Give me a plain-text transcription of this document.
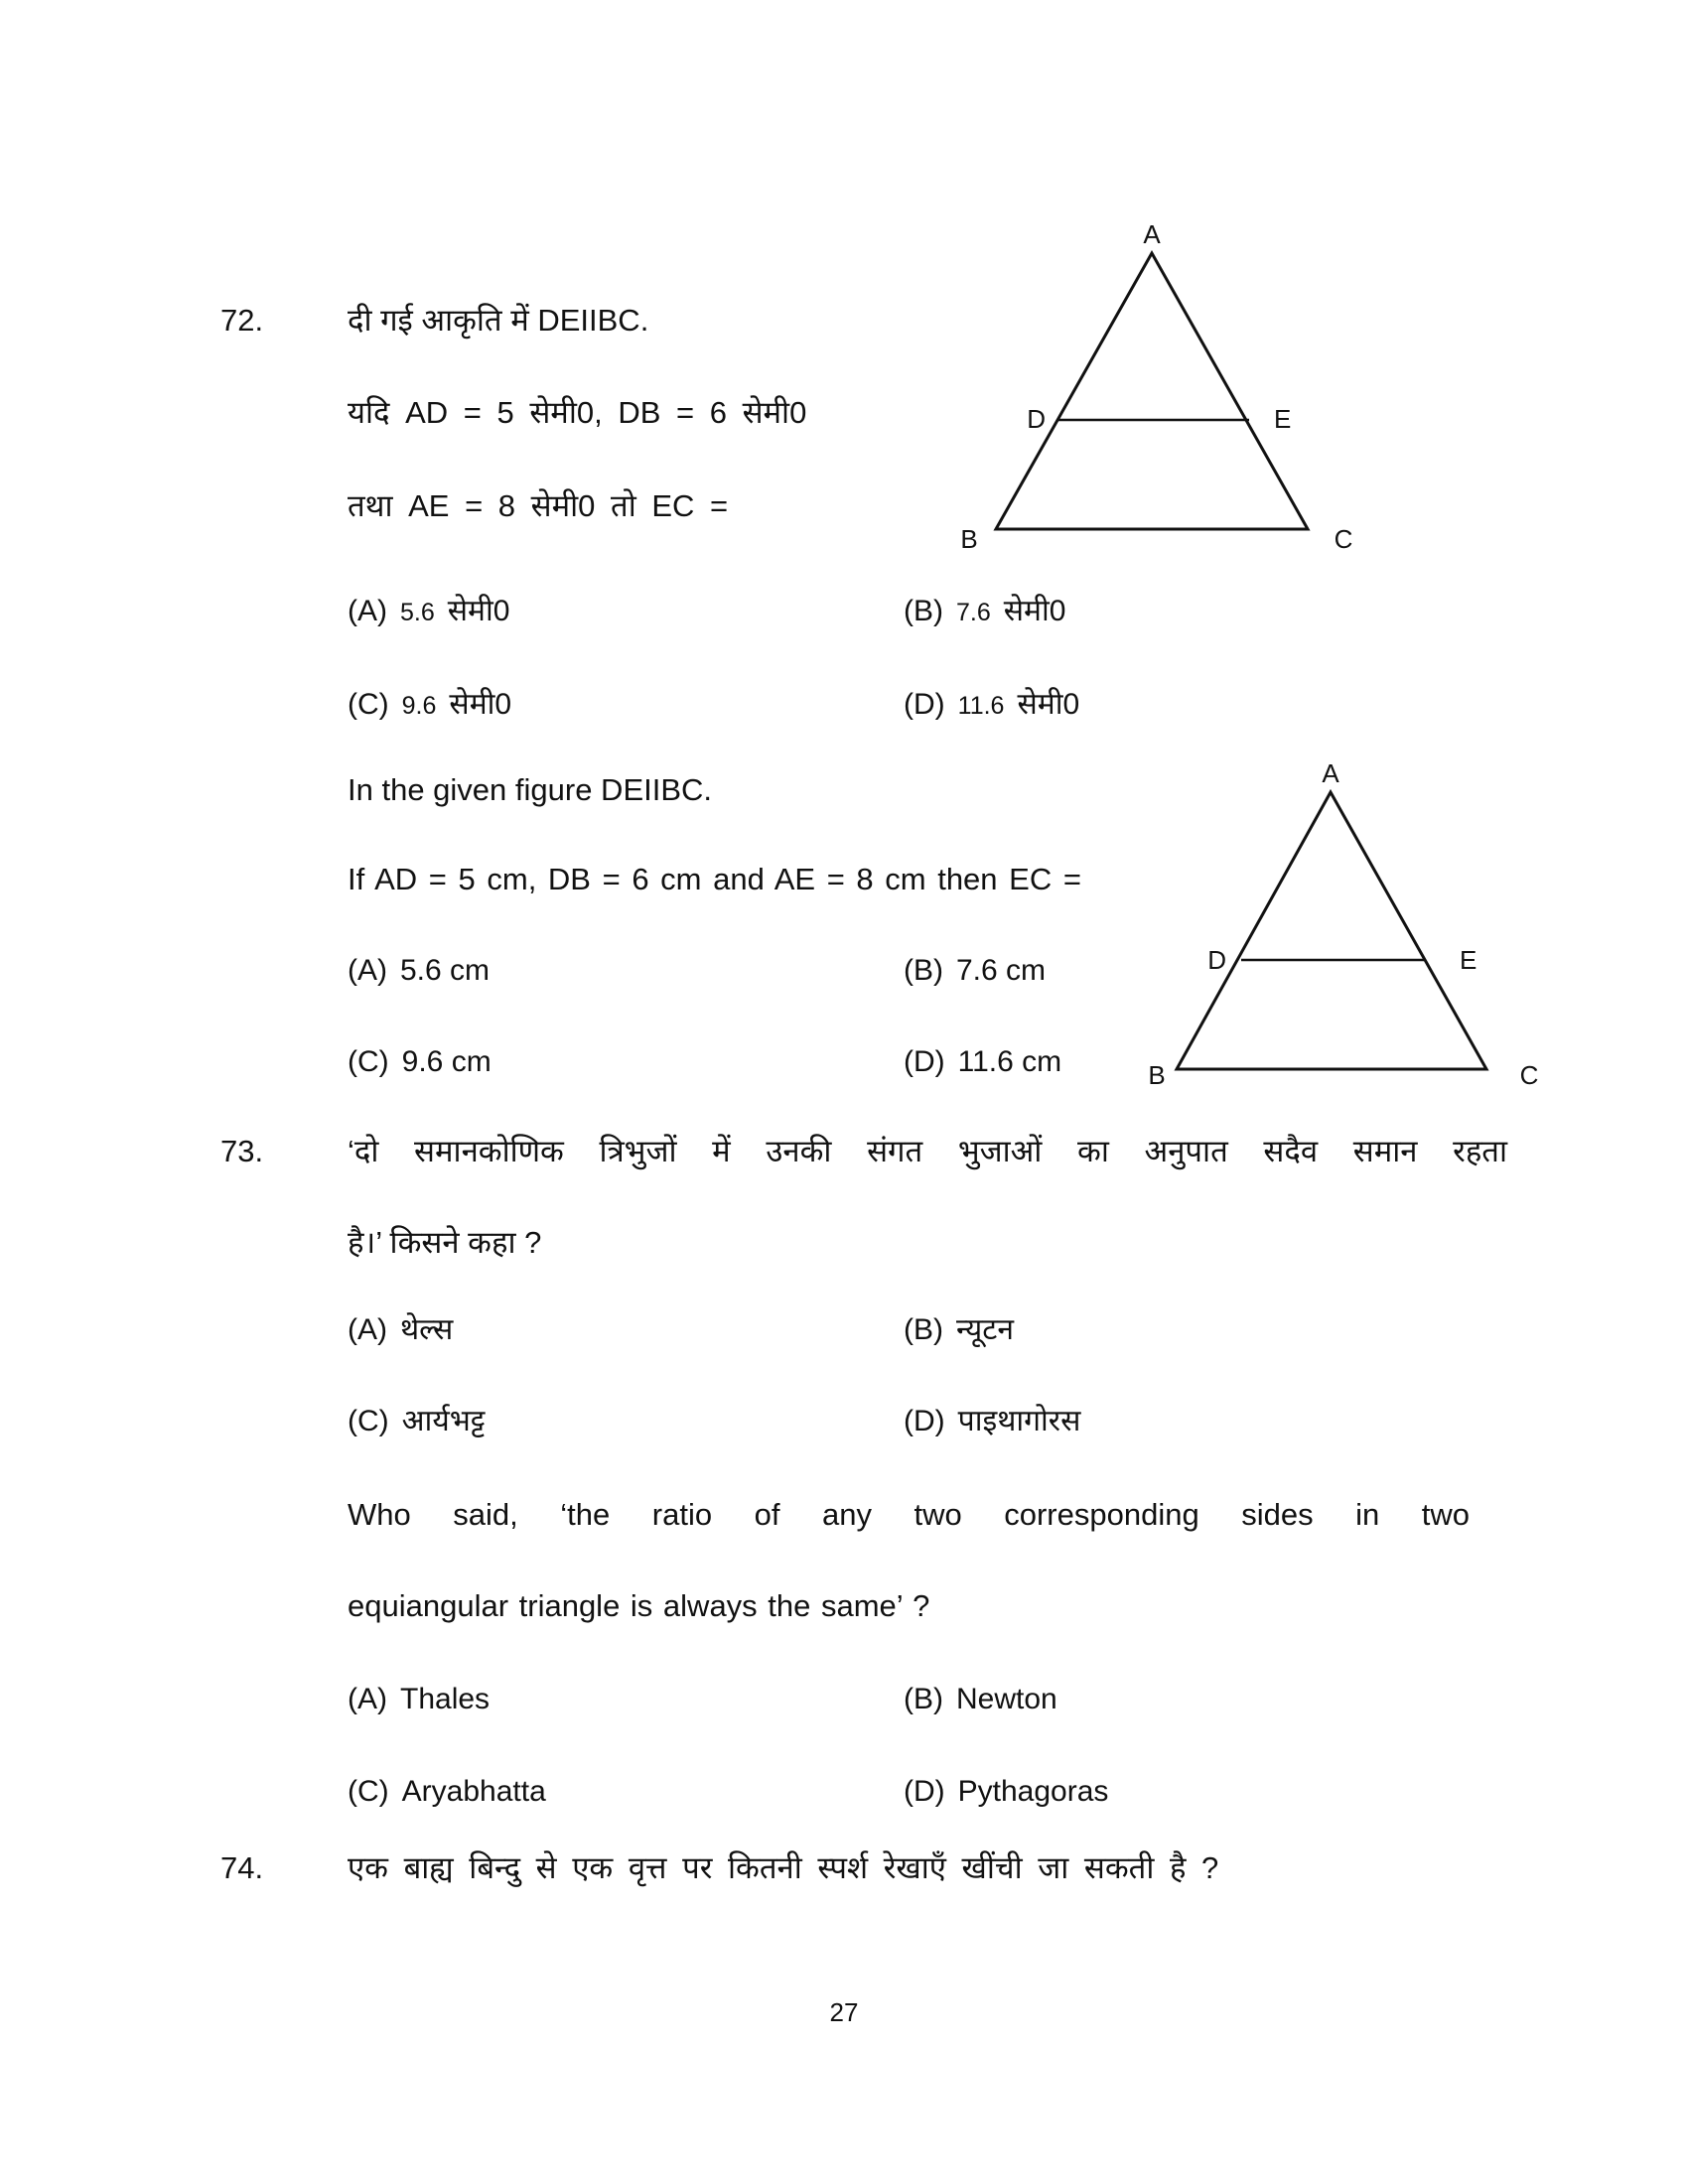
72.	दी गई आकृति में DEIIBC.
यदि AD = 5 सेमी0, DB = 6 सेमी0
तथा AE = 8 सेमी0 तो EC =
A
D	E
B	C
(A) 5.6 सेमी0	(B) 7.6 सेमी0
(C) 9.6 सेमी0	(D) 11.6 सेमी0
In the given figure DEIIBC.
If AD = 5 cm, DB = 6 cm and AE = 8 cm then EC =
A
D	E
B	C
(A) 5.6 cm	(B) 7.6 cm
(C) 9.6 cm	(D) 11.6 cm
73.	‘दो समानकोणिक त्रिभुजों में उनकी संगत भुजाओं का अनुपात सदैव समान रहता
है।’ किसने कहा ?
(A) थेल्स	(B) न्यूटन
(C) आर्यभट्ट	(D) पाइथागोरस
Who said, ‘the ratio of any two corresponding sides in two
equiangular triangle is always the same’ ?
(A) Thales	(B) Newton
(C) Aryabhatta	(D) Pythagoras
74.	एक बाह्य बिन्दु से एक वृत्त पर कितनी स्पर्श रेखाएँ खींची जा सकती है ?
27
